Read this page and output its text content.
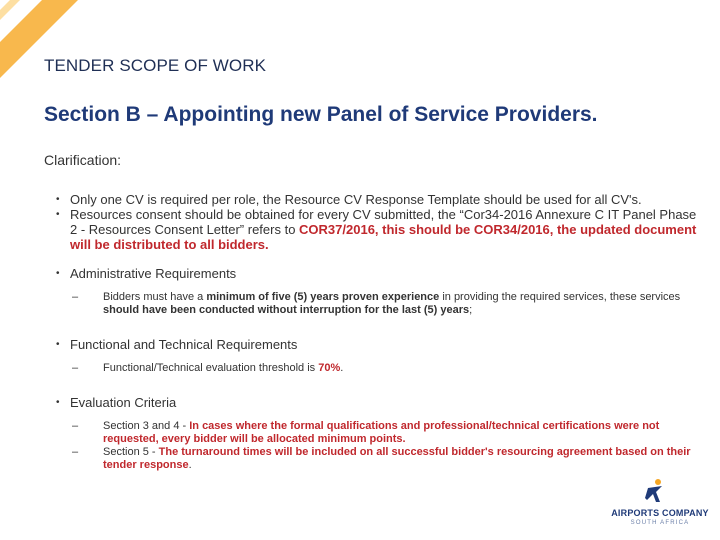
TENDER SCOPE OF WORK
Section B – Appointing new Panel of Service Providers.
Clarification:
• Only one CV is required per role, the Resource CV Response Template should be used for all CV's.
• Resources consent should be obtained for every CV submitted, the “Cor34-2016 Annexure C IT Panel Phase 2 - Resources Consent Letter” refers to COR37/2016, this should be COR34/2016, the updated document will be distributed to all bidders.
• Administrative Requirements
– Bidders must have a minimum of five (5) years proven experience in providing the required services, these services should have been conducted without interruption for the last (5) years;
• Functional and Technical Requirements
– Functional/Technical evaluation threshold is 70%.
• Evaluation Criteria
– Section 3 and 4 - In cases where the formal qualifications and professional/technical certifications were not requested, every bidder will be allocated minimum points.
– Section 5 - The turnaround times will be included on all successful bidder's resourcing agreement based on their tender response.
AIRPORTS COMPANY
SOUTH AFRICA
